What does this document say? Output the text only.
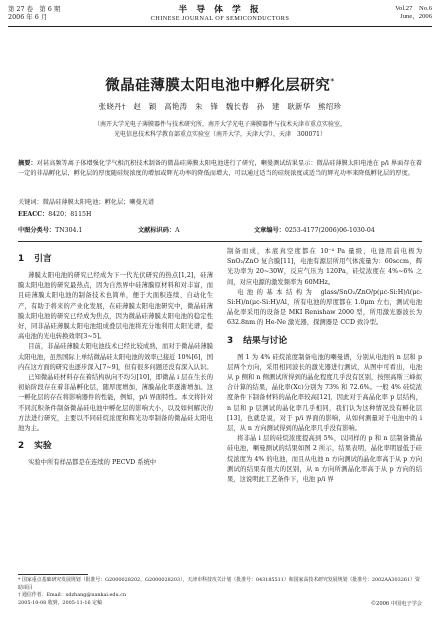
第 27 卷　第 6 期
2006 年 6 月
半 导 体 学 报
CHINESE JOURNAL OF SEMICONDUCTORS
Vol.27　No.6
June，2006
微晶硅薄膜太阳电池中孵化层研究*
张晓丹†　赵　颖　高艳涛　朱　锋　魏长春　孙　建　耿新华　熊绍珍
（南开大学光电子薄膜器件与技术研究所，南开大学光电子薄膜器件与技术天津市重点实验室，
光电信息技术科学教育部重点实验室（南开大学，天津大学），天津　300071）
摘要：对甚高频等离子体增强化学气相沉积技术制备的微晶硅薄膜太阳电池进行了研究，喇曼测试结果显示：微晶硅薄膜太阳电池在 p/i 界面存在着一定的非晶孵化层，孵化层的厚度随硅烷浓度的增加或辉光功率的降低而增大，可以通过适当的硅烷浓度或适当的辉光功率来降低孵化层的厚度。
关键词：微晶硅薄膜太阳电池；孵化层；喇曼光谱
EEACC：8420；8115H
中图分类号：TN304.1	文献标识码：A	文章编号：0253-4177(2006)06-1030-04
1 引言

薄膜太阳电池的研究已经成为下一代光伏研究的热点[1,2]，硅薄膜太阳电池的研究最热点，因为自然界中硅薄膜原材料和对丰富，而且硅薄膜太阳电池的制备技术也简单，便于大面积连续、自动化生产，有助于将来的产业化发展，在硅薄膜太阳电池研究中，微晶硅薄膜太阳电池的研究已经成为焦点，因为微晶硅薄膜太阳电池的稳定性好，同非晶硅薄膜太阳电池组成叠层电池将充分地利用太阳光谱，提高电池的光电转换效率[3~5]。

目前，非晶硅薄膜太阳电池技术已经比较成熟，而对于微晶硅薄膜太阳电池，虽然国际上单结微晶硅太阳电池的效率已接近 10%[6]，国内在这方面的研究也逐步深入[7~9]，但有很多问题还没有深入认识。

已知微晶硅材料存在着结构纵向不均匀[10]，即微晶 i 层在生长的初始阶段存在着非晶孵化层，随厚度增加，薄膜晶化率逐渐增加。这一孵化层的存在将影响器件的性能，例如，p/i 界面特性。本文将针对不同沉积条件制备微晶硅电池中孵化层的影响大小，以及如何解决的方法进行研究，主要以不同硅烷浓度和辉光功率制备的微晶硅太阳电池为主。

2 实验

实验中所有样品都是在连续的 PECVD 系统中

制备而成，本底真空度都在 10⁻⁴ Pa 量级，电池用前电极为 SnO₂/ZnO 复合膜[11]，电池有源层所用气体流量为：60sccm，辉光功率为 20~30W，反应气压为 120Pa，硅烷浓度在 4%~6% 之间，对应电源的激发频率为 60MHz。

电池的基本结构为 glass/SnO₂/ZnO/p(μc-Si:H)/i(μc-Si:H)/n(μc-Si:H)/Al，所有电池的厚度都在 1.0μm 左右，测试电池晶化率采用的设备是 MKI Renishaw 2000 型，所用激光器波长为 632.8nm 的 He-Ne 激光器，探测器是 CCD 致冷型。

3 结果与讨论

图 1 为 4% 硅烷浓度制备电池的喇曼谱，分别从电池的 n 层和 p 层两个方向，采用相同波长的激光器进行测试，从图中可看出，电池从 p 侧和 n 侧测试所得到的晶化程度几乎没有区别，按照高斯三峰拟合计算的结果，晶化率(Xc)分别为 73% 和 72.6%。一般 4% 硅烷浓度条件下制备材料的晶化率较高[12]，因此对于高晶化率 p 层结构，n 层和 p 层测试的晶化率几乎相同，我们认为这种情况没有孵化层[13]，也就是说，对于 p/i 界面的影响，从如何测量对于电池中的 i 层，从 n 方向测试得到的晶化率几乎没有影响。

将非晶 i 层的硅烷浓度提高到 5%，以同样的 p 和 n 层制备微晶硅电池，喇曼测试的结果如图 2 所示，结果表明，晶化率明显低于硅烷浓度为 4% 的电池，而且从电池 n 方向测试的晶化率高于从 p 方向测试的结果有很大的区别，从 n 方向所测晶化率高于从 p 方向的结果，这说明此工艺条件下，电池 p/i 界

* 国家重点基础研究发展规划（批准号：G2000028202，G2000028203），天津市科技攻关计划（批准号：043185511）和国家高技术研究发展规划（批准号：2002AA303261）资助项目
† 通信作者．Email：xdzhang@nankai.edu.cn
2005-10-08 收到，2005-11-16 定稿	©2006 中国电子学会
